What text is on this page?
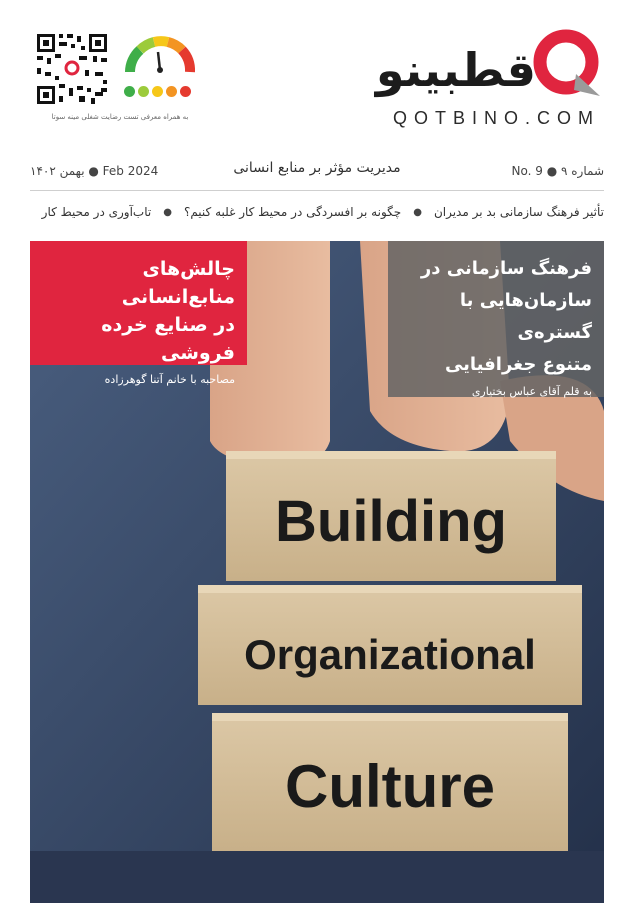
قطبینو
QOTBINO.COM
به همراه معرفی تست رضایت شغلی مینه سوتا
شماره ۹ ● No. 9
مدیریت مؤثر بر منابع انسانی
Feb 2024 ● بهمن ۱۴۰۲
تأثیر فرهنگ سازمانی بد بر مدیران
●
چگونه بر افسردگی در محیط کار غلبه کنیم؟
●
تاب‌آوری در محیط کار
Building
Organizational
Culture
چالش‌های منابع‌انسانی
در صنایع خرده فروشی
مصاحبه با خانم آتنا گوهرزاده
فرهنگ سازمانی در
سازمان‌هایی با گستره‌ی
متنوع جغرافیایی
به قلم آقای عباس بختیاری
